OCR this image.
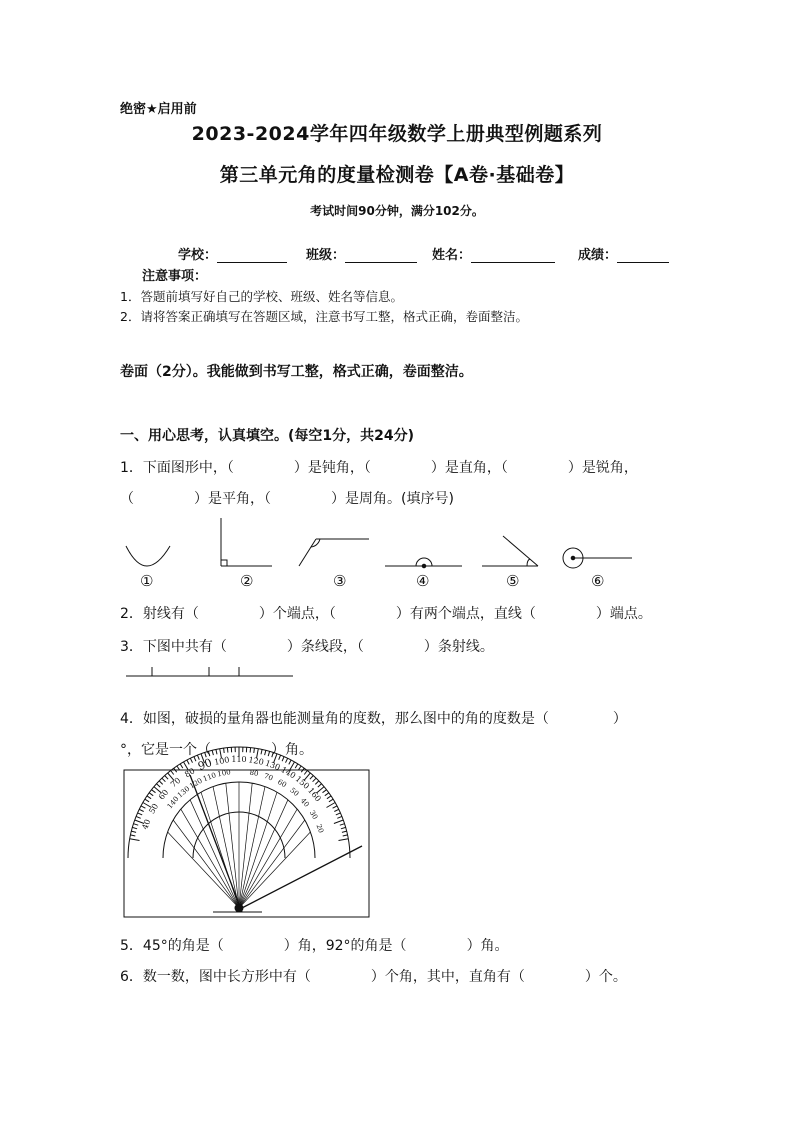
绝密★启用前
2023-2024学年四年级数学上册典型例题系列
第三单元角的度量检测卷【A卷·基础卷】
考试时间90分钟，满分102分。
学校：	班级：	姓名：	成绩：
注意事项：
1．答题前填写好自己的学校、班级、姓名等信息。
2．请将答案正确填写在答题区域，注意书写工整，格式正确，卷面整洁。
卷面（2分）。我能做到书写工整，格式正确，卷面整洁。
一、用心思考，认真填空。(每空1分，共24分)
1．下面图形中，（	）是钝角，（	）是直角，（	）是锐角，
（	）是平角，（	）是周角。(填序号)
①	②	③	④	⑤	⑥
2．射线有（	）个端点，（	）有两个端点，直线（	）端点。
3．下图中共有（	）条线段，（	）条射线。
4．如图，破损的量角器也能测量角的度数，那么图中的角的度数是（	）
°，它是一个（	）角。
5．45°的角是（	）角，92°的角是（	）角。
6．数一数，图中长方形中有（	）个角，其中，直角有（	）个。
40
50
60
70
80 90 100 110 120 130
140
150
160
140
130
120
110 100	80 70
60
50
40
30
20
